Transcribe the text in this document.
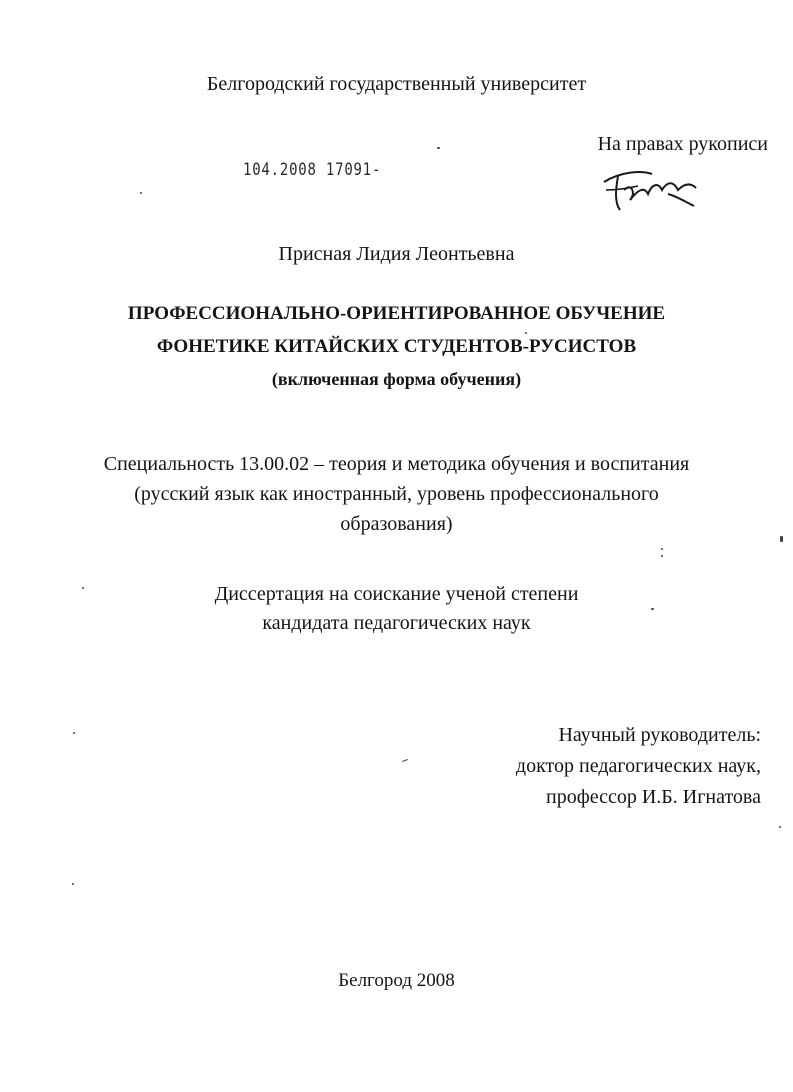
Белгородский государственный университет
На правах рукописи
104.2008 17091-
Присная Лидия Леонтьевна
ПРОФЕССИОНАЛЬНО-ОРИЕНТИРОВАННОЕ ОБУЧЕНИЕ
ФОНЕТИКЕ КИТАЙСКИХ СТУДЕНТОВ-РУСИСТОВ
(включенная форма обучения)
Специальность 13.00.02 – теория и методика обучения и воспитания
(русский язык как иностранный, уровень профессионального
образования)
Диссертация на соискание ученой степени
кандидата педагогических наук
Научный руководитель:
доктор педагогических наук,
профессор И.Б. Игнатова
Белгород 2008
